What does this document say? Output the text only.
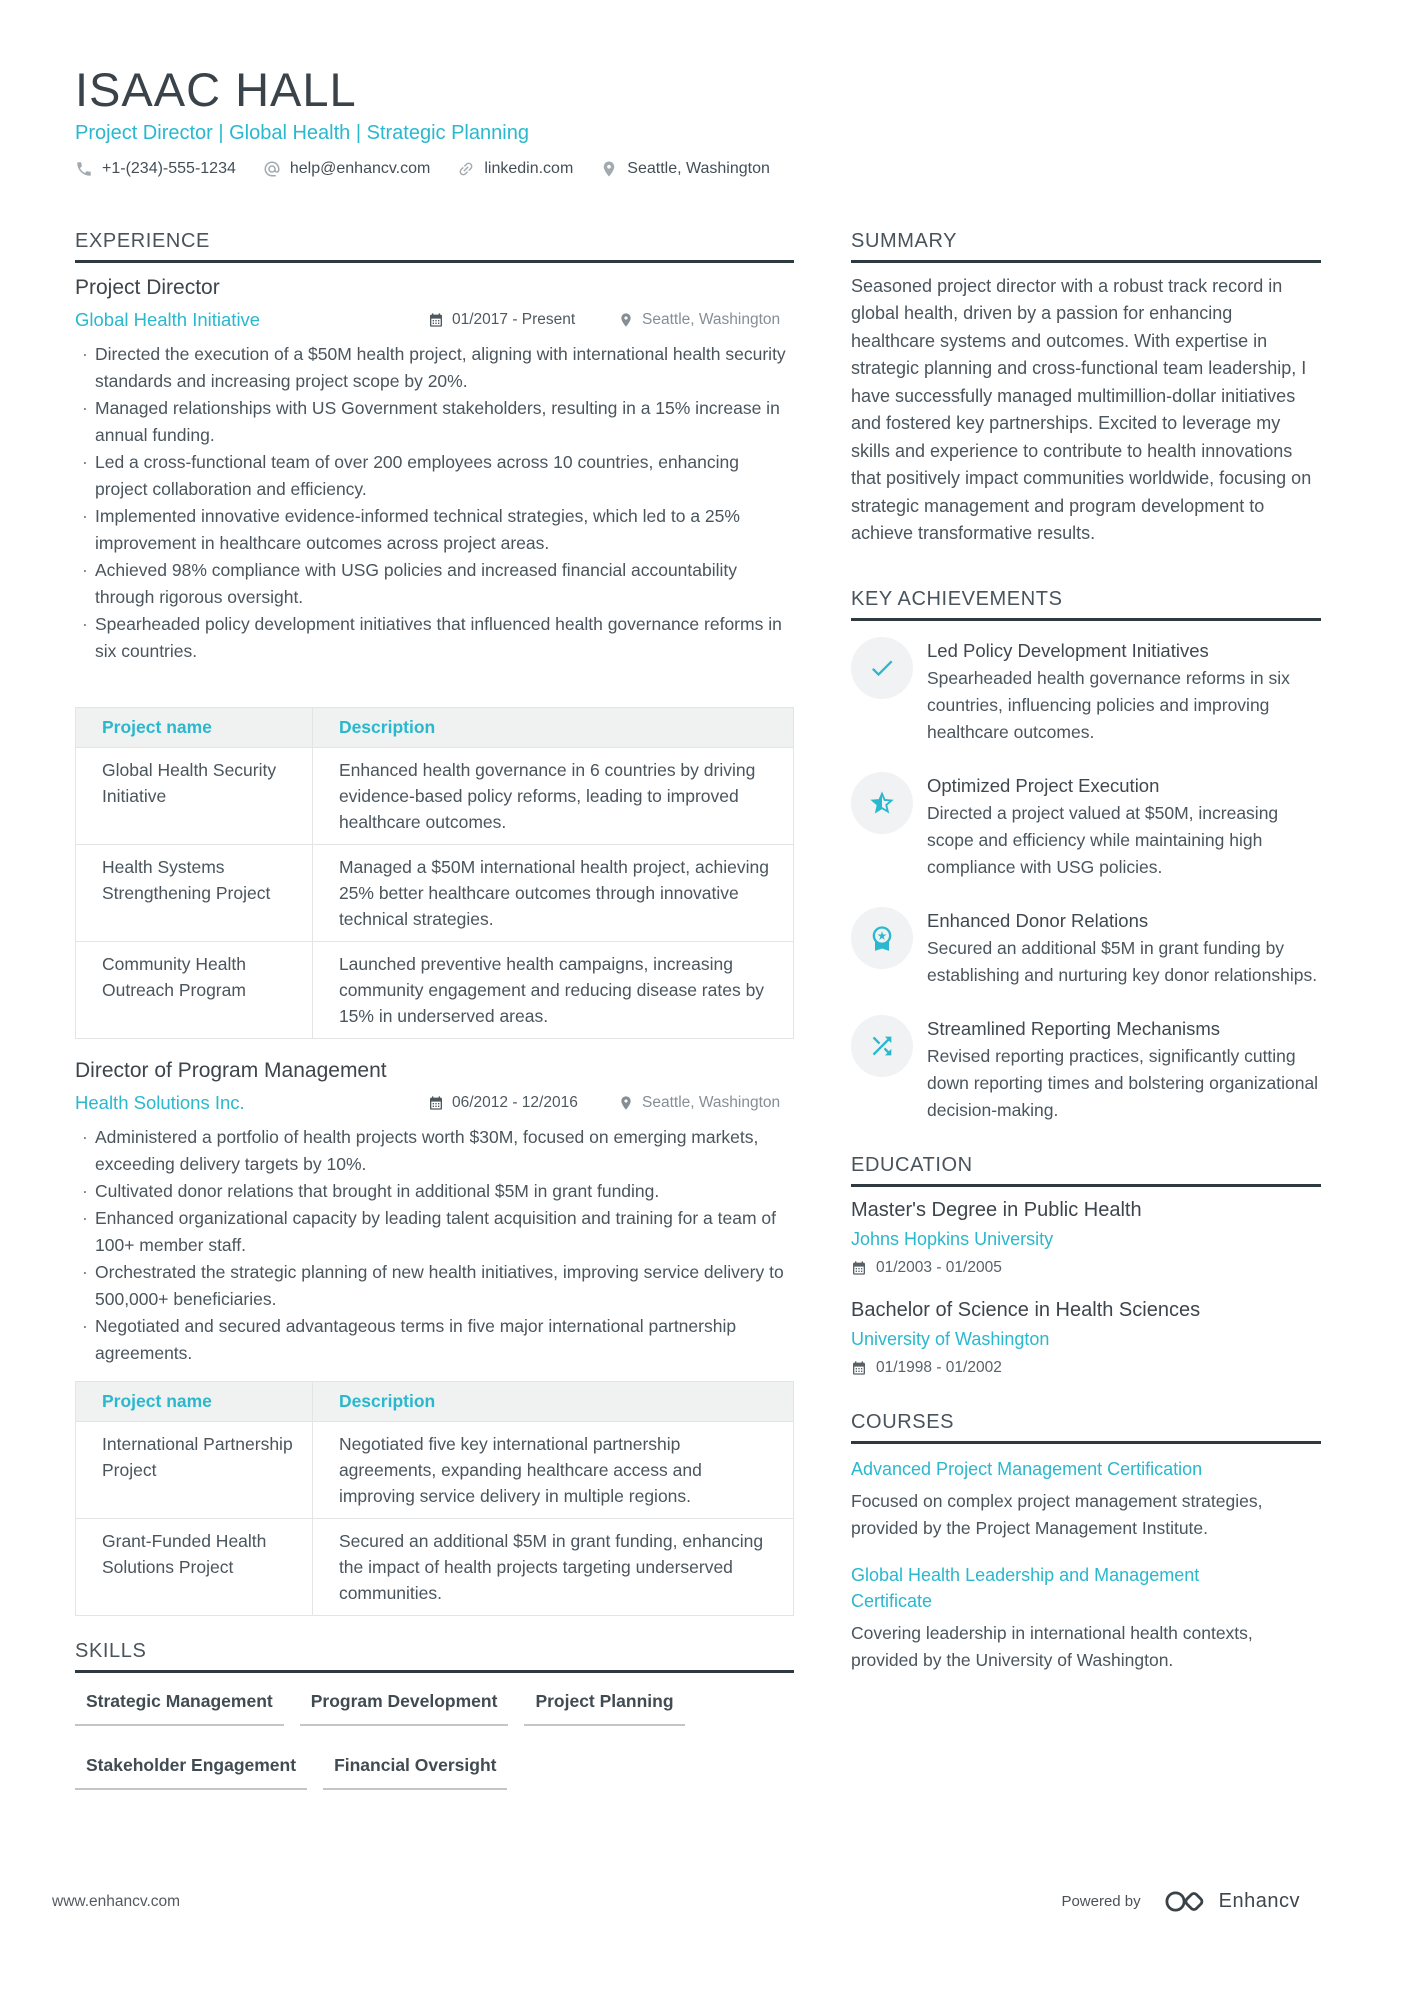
ISAAC HALL
Project Director | Global Health | Strategic Planning
+1-(234)-555-1234	help@enhancv.com	linkedin.com	Seattle, Washington
EXPERIENCE
Project Director
Global Health Initiative	01/2017 - Present	Seattle, Washington
· Directed the execution of a $50M health project, aligning with international health security standards and increasing project scope by 20%.
· Managed relationships with US Government stakeholders, resulting in a 15% increase in annual funding.
· Led a cross-functional team of over 200 employees across 10 countries, enhancing project collaboration and efficiency.
· Implemented innovative evidence-informed technical strategies, which led to a 25% improvement in healthcare outcomes across project areas.
· Achieved 98% compliance with USG policies and increased financial accountability through rigorous oversight.
· Spearheaded policy development initiatives that influenced health governance reforms in six countries.
Project name	Description
Global Health Security Initiative	Enhanced health governance in 6 countries by driving evidence-based policy reforms, leading to improved healthcare outcomes.
Health Systems Strengthening Project	Managed a $50M international health project, achieving 25% better healthcare outcomes through innovative technical strategies.
Community Health Outreach Program	Launched preventive health campaigns, increasing community engagement and reducing disease rates by 15% in underserved areas.
Director of Program Management
Health Solutions Inc.	06/2012 - 12/2016	Seattle, Washington
· Administered a portfolio of health projects worth $30M, focused on emerging markets, exceeding delivery targets by 10%.
· Cultivated donor relations that brought in additional $5M in grant funding.
· Enhanced organizational capacity by leading talent acquisition and training for a team of 100+ member staff.
· Orchestrated the strategic planning of new health initiatives, improving service delivery to 500,000+ beneficiaries.
· Negotiated and secured advantageous terms in five major international partnership agreements.
Project name	Description
International Partnership Project	Negotiated five key international partnership agreements, expanding healthcare access and improving service delivery in multiple regions.
Grant-Funded Health Solutions Project	Secured an additional $5M in grant funding, enhancing the impact of health projects targeting underserved communities.
SKILLS
Strategic Management	Program Development	Project Planning
Stakeholder Engagement	Financial Oversight
SUMMARY
Seasoned project director with a robust track record in global health, driven by a passion for enhancing healthcare systems and outcomes. With expertise in strategic planning and cross-functional team leadership, I have successfully managed multimillion-dollar initiatives and fostered key partnerships. Excited to leverage my skills and experience to contribute to health innovations that positively impact communities worldwide, focusing on strategic management and program development to achieve transformative results.
KEY ACHIEVEMENTS
Led Policy Development Initiatives
Spearheaded health governance reforms in six countries, influencing policies and improving healthcare outcomes.
Optimized Project Execution
Directed a project valued at $50M, increasing scope and efficiency while maintaining high compliance with USG policies.
Enhanced Donor Relations
Secured an additional $5M in grant funding by establishing and nurturing key donor relationships.
Streamlined Reporting Mechanisms
Revised reporting practices, significantly cutting down reporting times and bolstering organizational decision-making.
EDUCATION
Master's Degree in Public Health
Johns Hopkins University
01/2003 - 01/2005
Bachelor of Science in Health Sciences
University of Washington
01/1998 - 01/2002
COURSES
Advanced Project Management Certification
Focused on complex project management strategies, provided by the Project Management Institute.
Global Health Leadership and Management Certificate
Covering leadership in international health contexts, provided by the University of Washington.
www.enhancv.com	Powered by	Enhancv
